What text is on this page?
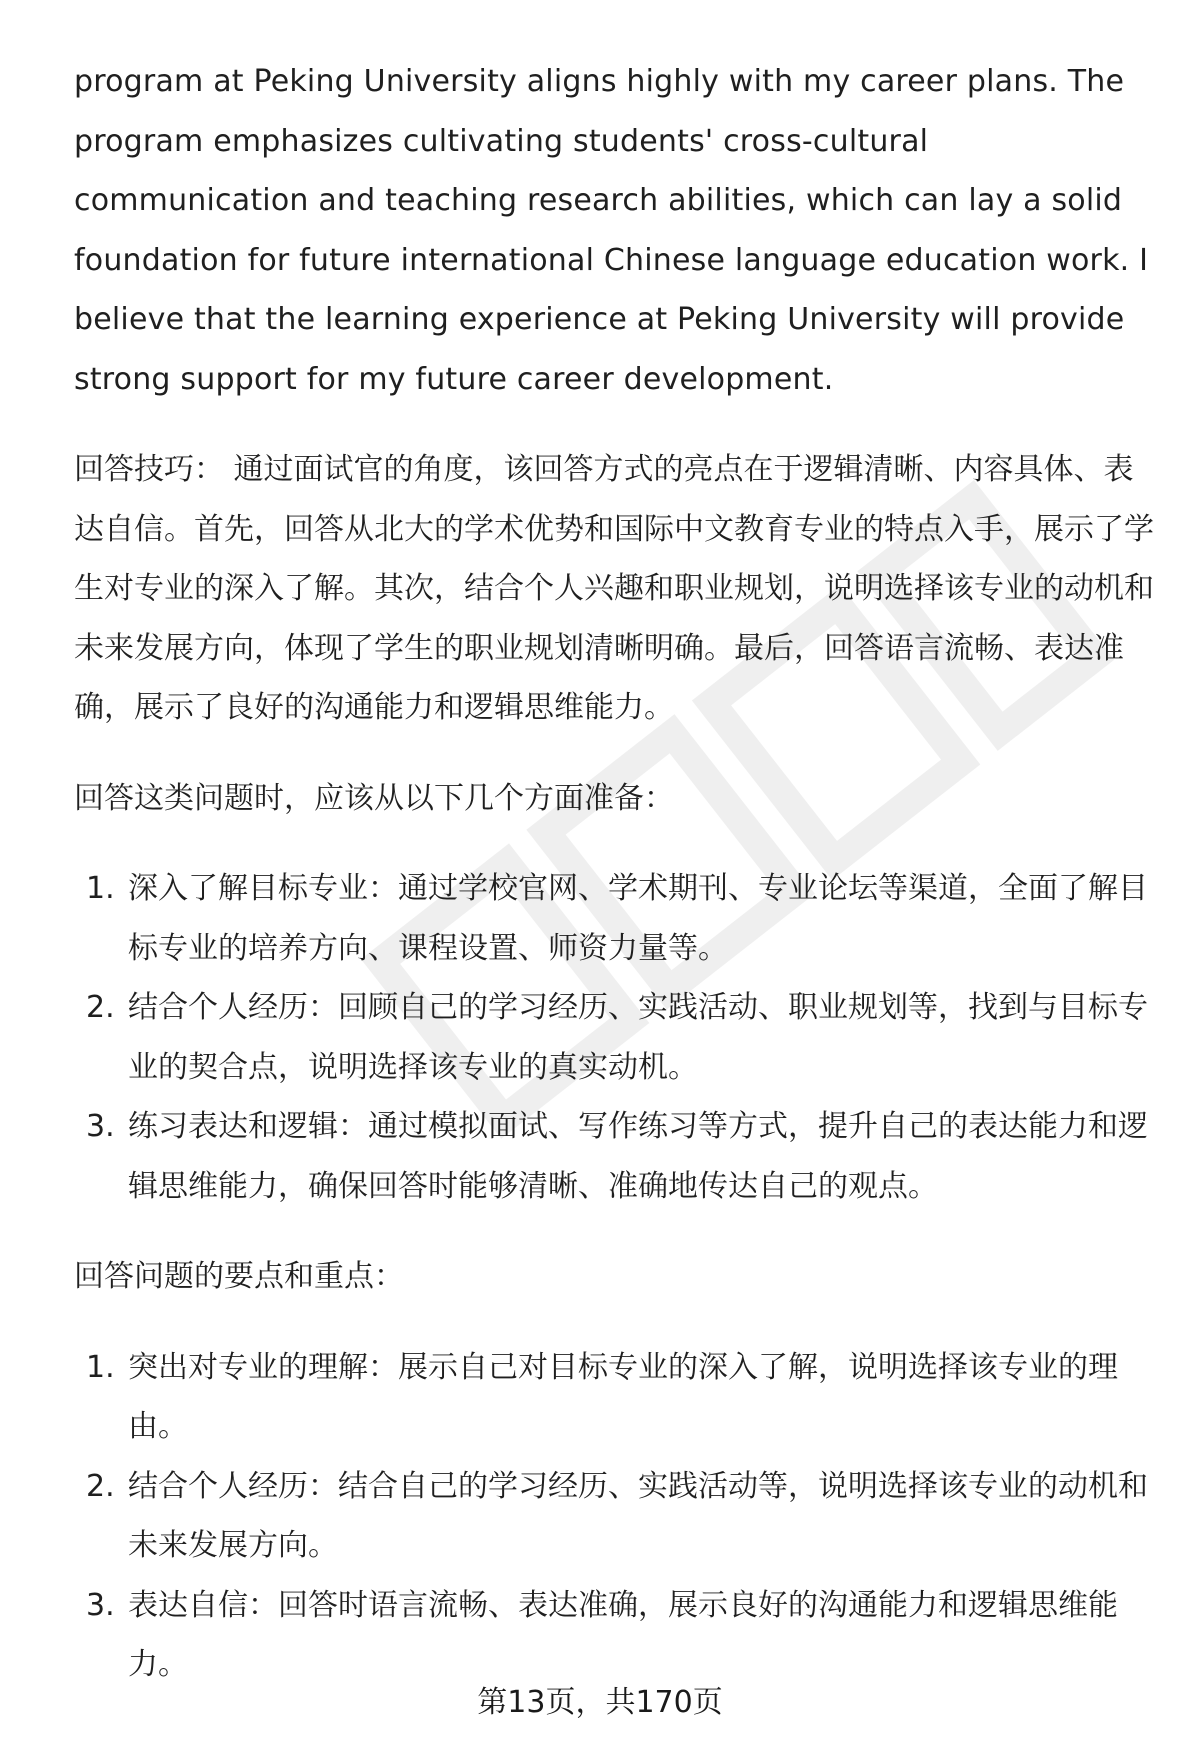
program at Peking University aligns highly with my career plans. The program emphasizes cultivating students' cross-cultural communication and teaching research abilities, which can lay a solid foundation for future international Chinese language education work. I believe that the learning experience at Peking University will provide strong support for my future career development.

回答技巧： 通过面试官的角度，该回答方式的亮点在于逻辑清晰、内容具体、表达自信。首先，回答从北大的学术优势和国际中文教育专业的特点入手，展示了学生对专业的深入了解。其次，结合个人兴趣和职业规划，说明选择该专业的动机和未来发展方向，体现了学生的职业规划清晰明确。最后，回答语言流畅、表达准确，展示了良好的沟通能力和逻辑思维能力。

回答这类问题时，应该从以下几个方面准备：

1. 深入了解目标专业：通过学校官网、学术期刊、专业论坛等渠道，全面了解目标专业的培养方向、课程设置、师资力量等。
2. 结合个人经历：回顾自己的学习经历、实践活动、职业规划等，找到与目标专业的契合点，说明选择该专业的真实动机。
3. 练习表达和逻辑：通过模拟面试、写作练习等方式，提升自己的表达能力和逻辑思维能力，确保回答时能够清晰、准确地传达自己的观点。

回答问题的要点和重点：

1. 突出对专业的理解：展示自己对目标专业的深入了解，说明选择该专业的理由。
2. 结合个人经历：结合自己的学习经历、实践活动等，说明选择该专业的动机和未来发展方向。
3. 表达自信：回答时语言流畅、表达准确，展示良好的沟通能力和逻辑思维能力。
第13页，共170页
